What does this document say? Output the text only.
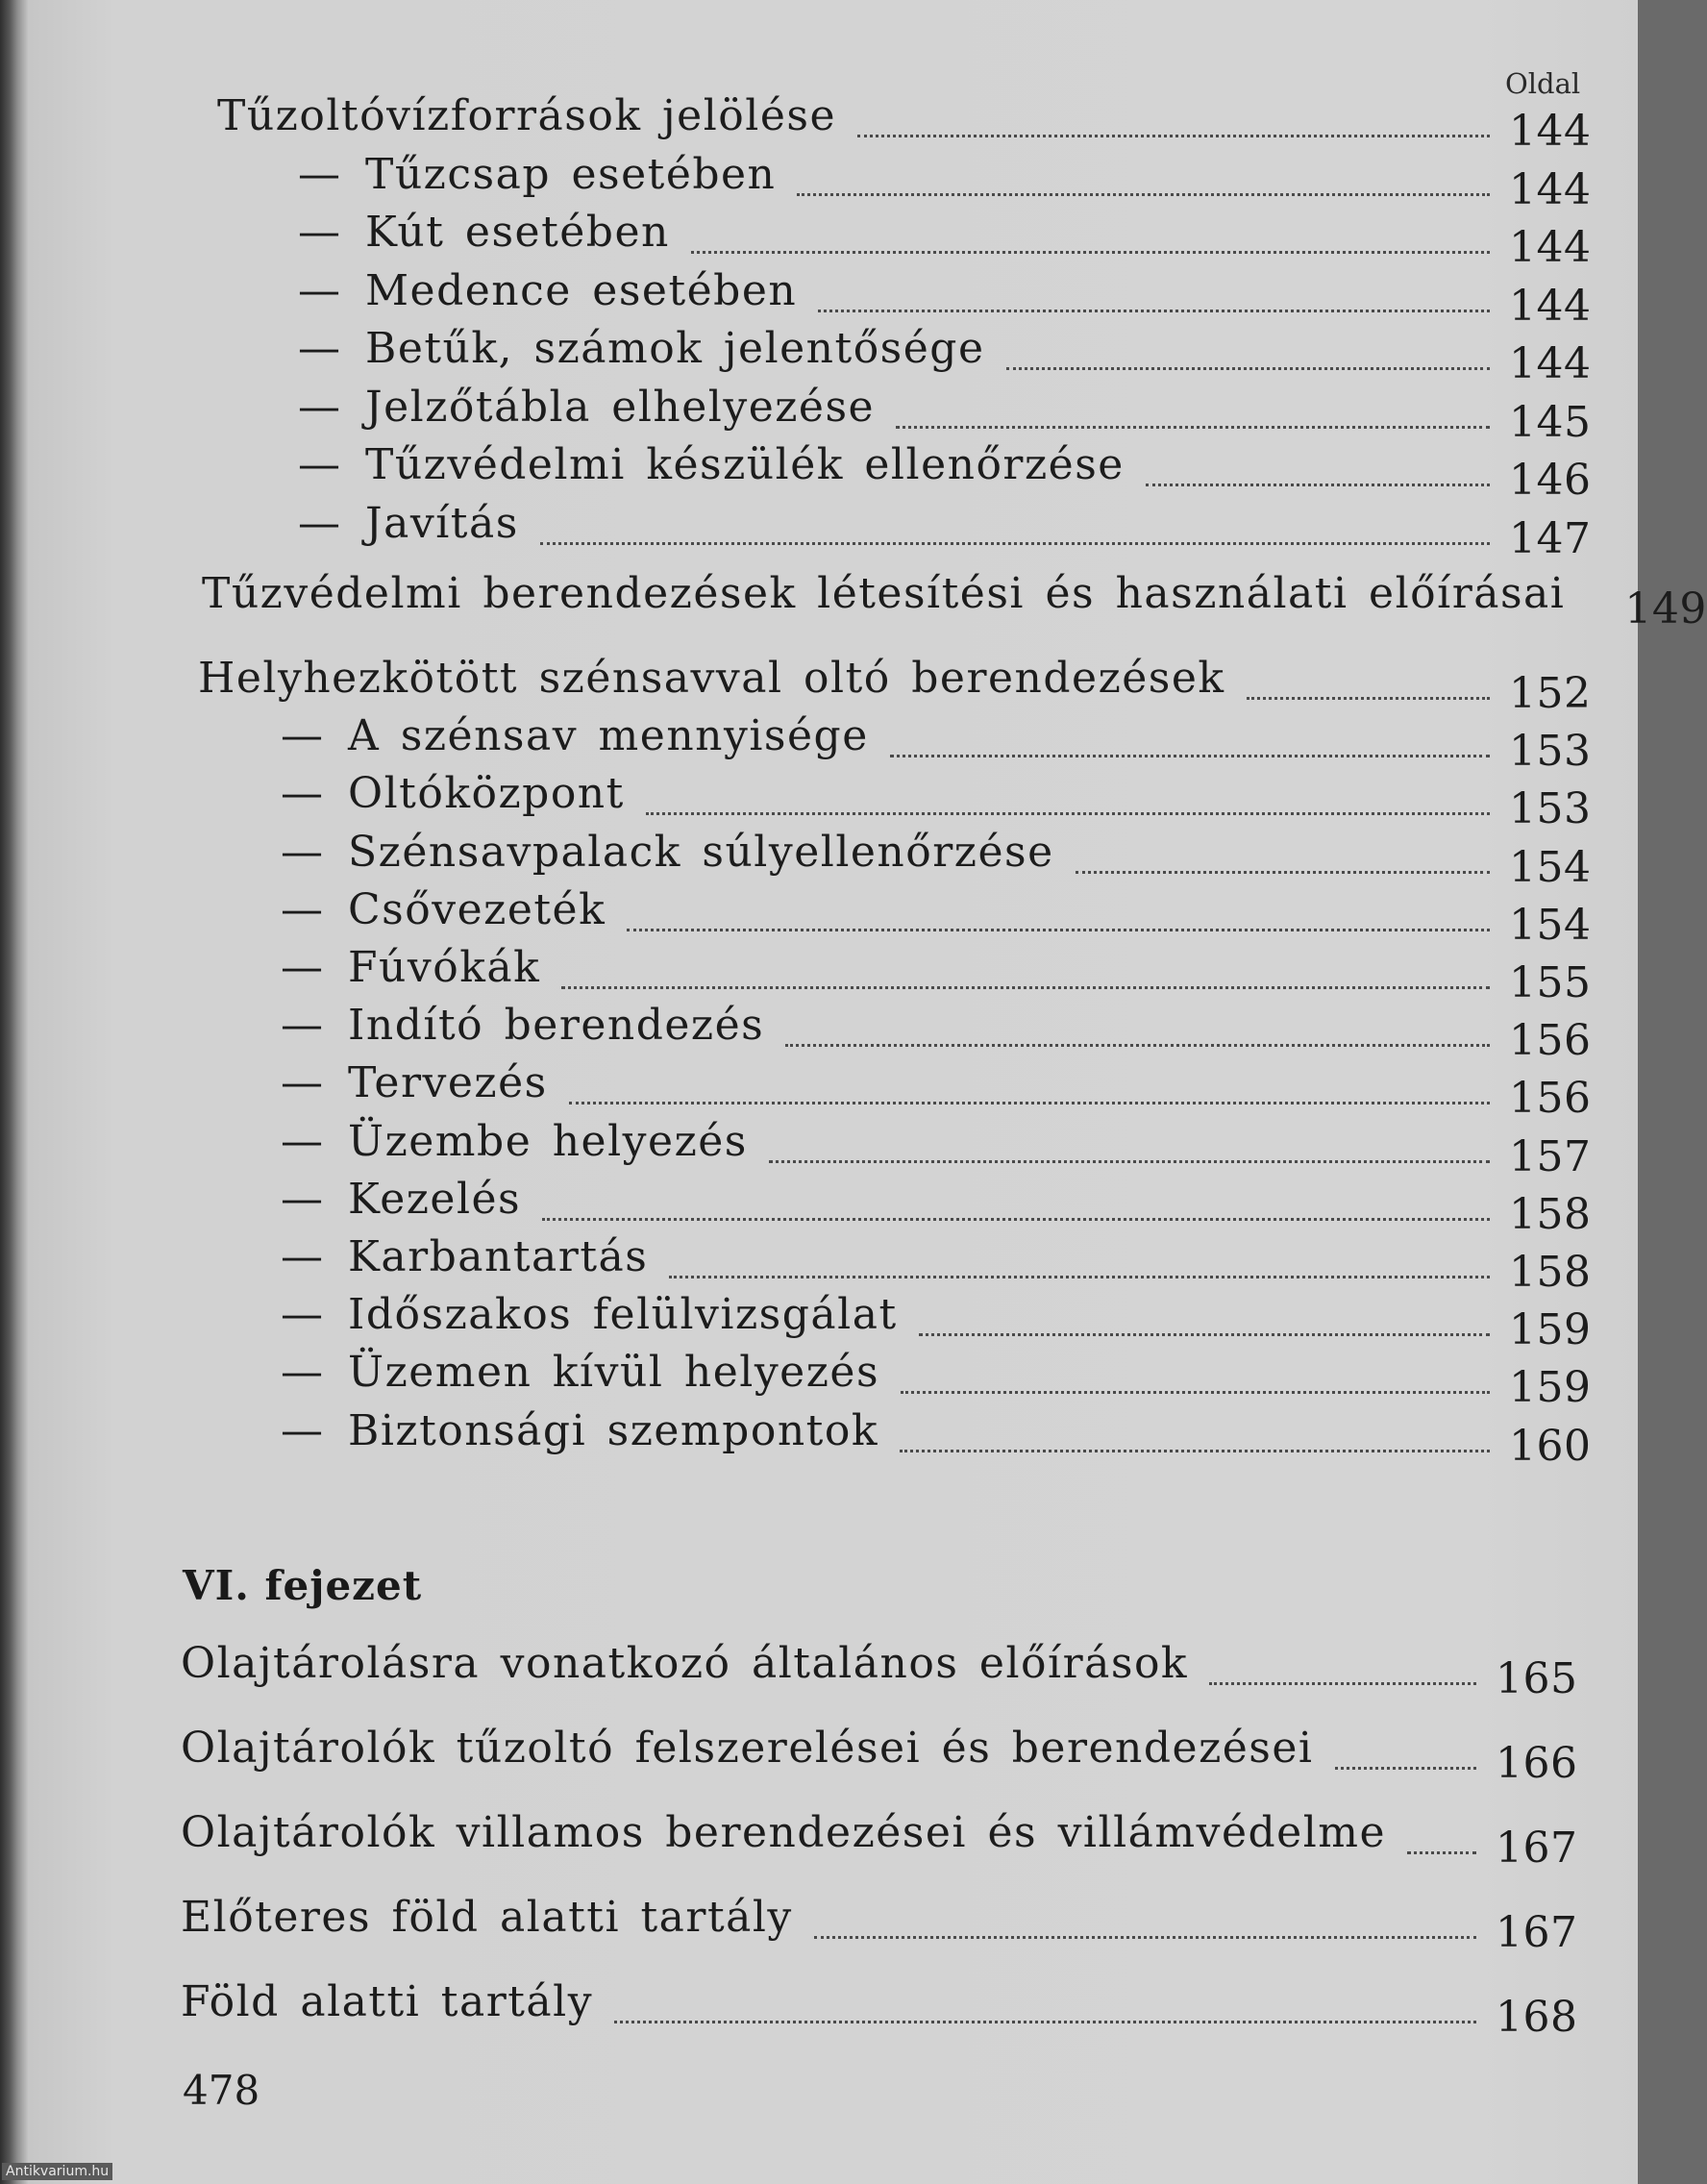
Oldal
Tűzoltóvízforrások jelölése	144
— Tűzcsap esetében	144
— Kút esetében	144
— Medence esetében	144
— Betűk, számok jelentősége	144
— Jelzőtábla elhelyezése	145
— Tűzvédelmi készülék ellenőrzése	146
— Javítás	147
Tűzvédelmi berendezések létesítési és használati előírásai 149
Helyhezkötött szénsavval oltó berendezések	152
— A szénsav mennyisége	153
— Oltóközpont	153
— Szénsavpalack súlyellenőrzése	154
— Csővezeték	154
— Fúvókák	155
— Indító berendezés	156
— Tervezés	156
— Üzembe helyezés	157
— Kezelés	158
— Karbantartás	158
— Időszakos felülvizsgálat	159
— Üzemen kívül helyezés	159
— Biztonsági szempontok	160
Olajtárolásra vonatkozó általános előírások	165
Olajtárolók tűzoltó felszerelései és berendezései	166
Olajtárolók villamos berendezései és villámvédelme	167
Előteres föld alatti tartály	167
Föld alatti tartály	168
VI. fejezet
478
Antikvarium.hu
